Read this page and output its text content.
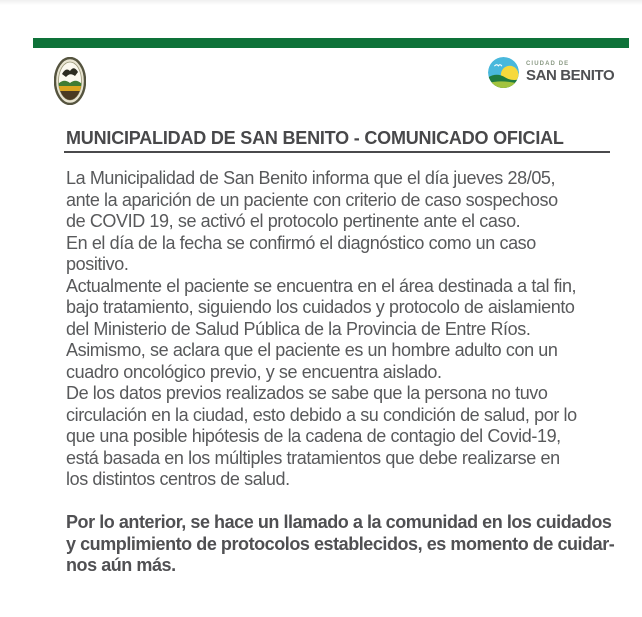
CIUDAD DE
SAN BENITO
MUNICIPALIDAD DE SAN BENITO - COMUNICADO OFICIAL
La Municipalidad de San Benito informa que el día jueves 28/05,
ante la aparición de un paciente con criterio de caso sospechoso
de COVID 19, se activó el protocolo pertinente ante el caso.
En el día de la fecha se confirmó el diagnóstico como un caso
positivo.
Actualmente el paciente se encuentra en el área destinada a tal fin,
bajo tratamiento, siguiendo los cuidados y protocolo de aislamiento
del Ministerio de Salud Pública de la Provincia de Entre Ríos.
Asimismo, se aclara que el paciente es un hombre adulto con un
cuadro oncológico previo, y se encuentra aislado.
De los datos previos realizados se sabe que la persona no tuvo
circulación en la ciudad, esto debido a su condición de salud, por lo
que una posible hipótesis de la cadena de contagio del Covid-19,
está basada en los múltiples tratamientos que debe realizarse en
los distintos centros de salud.
Por lo anterior, se hace un llamado a la comunidad en los cuidados
y cumplimiento de protocolos establecidos, es momento de cuidar-
nos aún más.
